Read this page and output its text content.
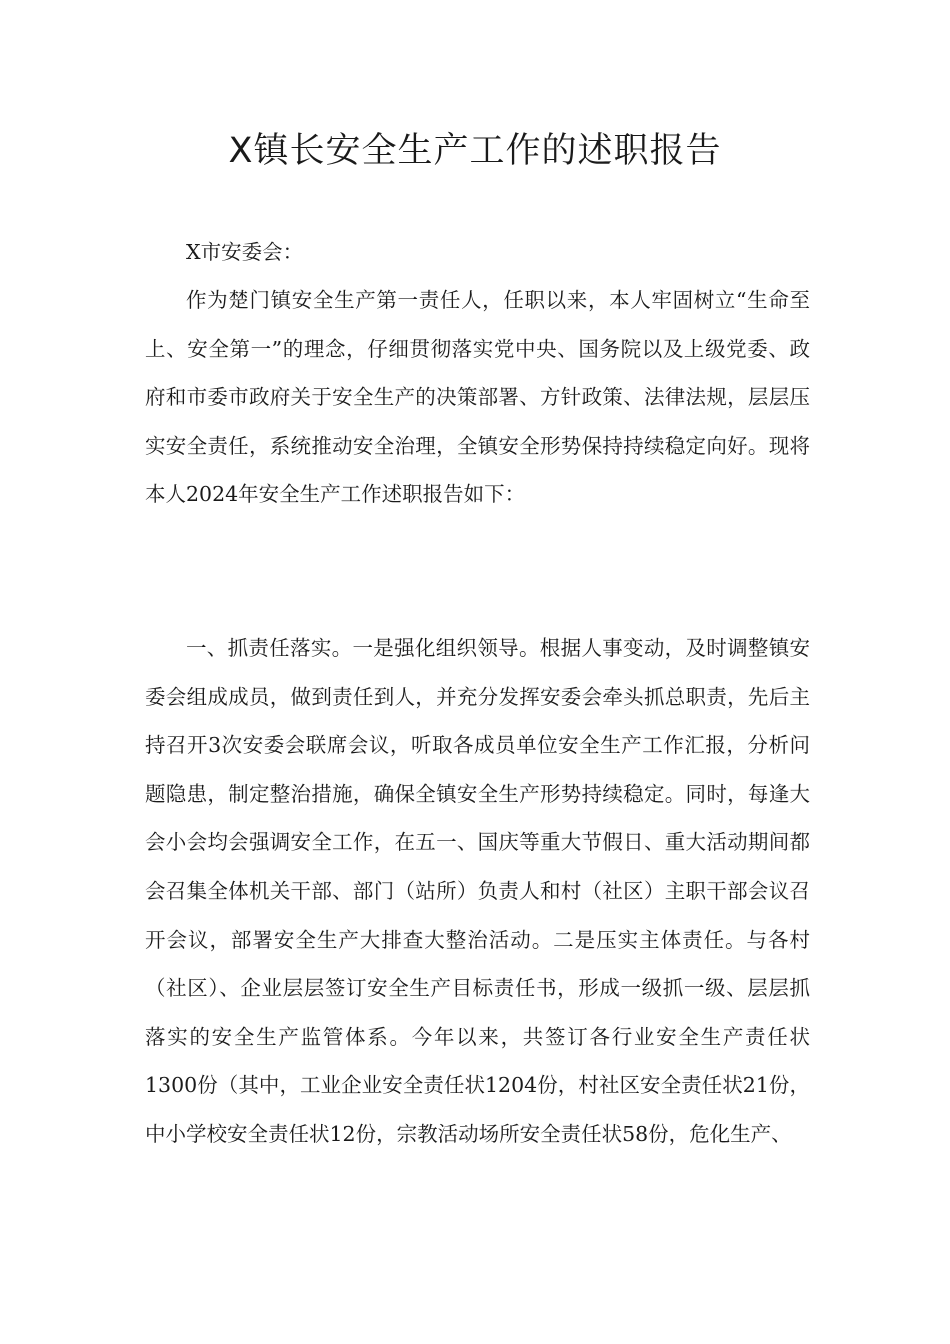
X镇长安全生产工作的述职报告

X市安委会：

作为楚门镇安全生产第一责任人，任职以来，本人牢固树立“生命至上、安全第一”的理念，仔细贯彻落实党中央、国务院以及上级党委、政府和市委市政府关于安全生产的决策部署、方针政策、法律法规，层层压实安全责任，系统推动安全治理，全镇安全形势保持持续稳定向好。现将本人2024年安全生产工作述职报告如下：

一、抓责任落实。一是强化组织领导。根据人事变动，及时调整镇安委会组成成员，做到责任到人，并充分发挥安委会牵头抓总职责，先后主持召开3次安委会联席会议，听取各成员单位安全生产工作汇报，分析问题隐患，制定整治措施，确保全镇安全生产形势持续稳定。同时，每逢大会小会均会强调安全工作，在五一、国庆等重大节假日、重大活动期间都会召集全体机关干部、部门（站所）负责人和村（社区）主职干部会议召开会议，部署安全生产大排查大整治活动。二是压实主体责任。与各村（社区）、企业层层签订安全生产目标责任书，形成一级抓一级、层层抓落实的安全生产监管体系。今年以来，共签订各行业安全生产责任状1300份（其中，工业企业安全责任状1204份，村社区安全责任状21份，中小学校安全责任状12份，宗教活动场所安全责任状58份，危化生产、
